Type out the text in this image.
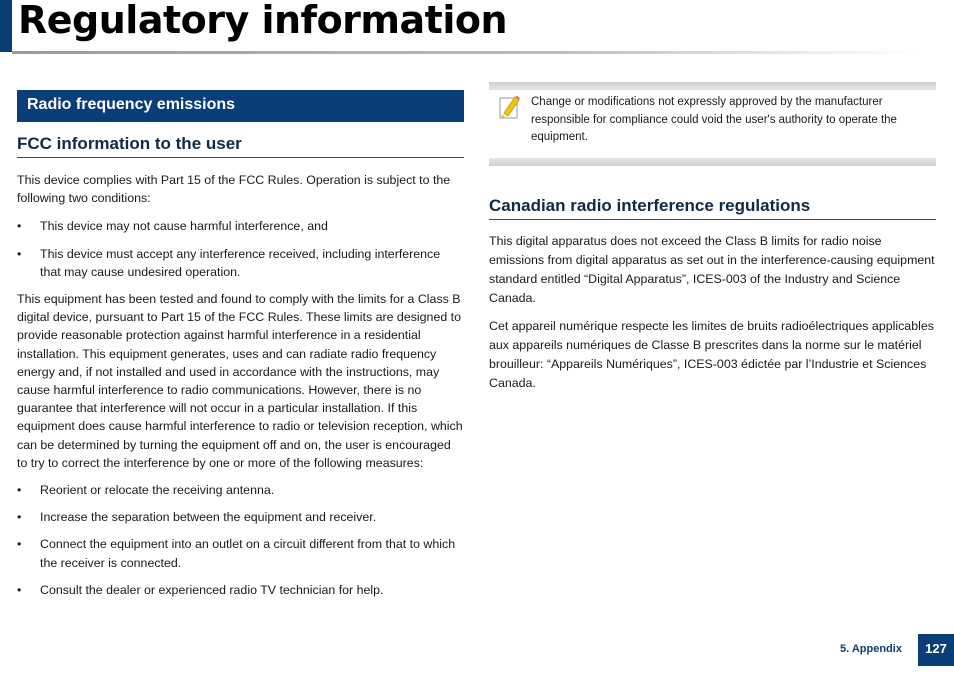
Regulatory information
Radio frequency emissions
FCC information to the user

This device complies with Part 15 of the FCC Rules. Operation is subject to the following two conditions:

• This device may not cause harmful interference, and
• This device must accept any interference received, including interference that may cause undesired operation.

This equipment has been tested and found to comply with the limits for a Class B digital device, pursuant to Part 15 of the FCC Rules. These limits are designed to provide reasonable protection against harmful interference in a residential installation. This equipment generates, uses and can radiate radio frequency energy and, if not installed and used in accordance with the instructions, may cause harmful interference to radio communications. However, there is no guarantee that interference will not occur in a particular installation. If this equipment does cause harmful interference to radio or television reception, which can be determined by turning the equipment off and on, the user is encouraged to try to correct the interference by one or more of the following measures:

• Reorient or relocate the receiving antenna.
• Increase the separation between the equipment and receiver.
• Connect the equipment into an outlet on a circuit different from that to which the receiver is connected.
• Consult the dealer or experienced radio TV technician for help.

Change or modifications not expressly approved by the manufacturer responsible for compliance could void the user's authority to operate the equipment.

Canadian radio interference regulations

This digital apparatus does not exceed the Class B limits for radio noise emissions from digital apparatus as set out in the interference-causing equipment standard entitled “Digital Apparatus”, ICES-003 of the Industry and Science Canada.

Cet appareil numérique respecte les limites de bruits radioélectriques applicables aux appareils numériques de Classe B prescrites dans la norme sur le matériel brouilleur: “Appareils Numériques”, ICES-003 édictée par l’Industrie et Sciences Canada.

5. Appendix	127
